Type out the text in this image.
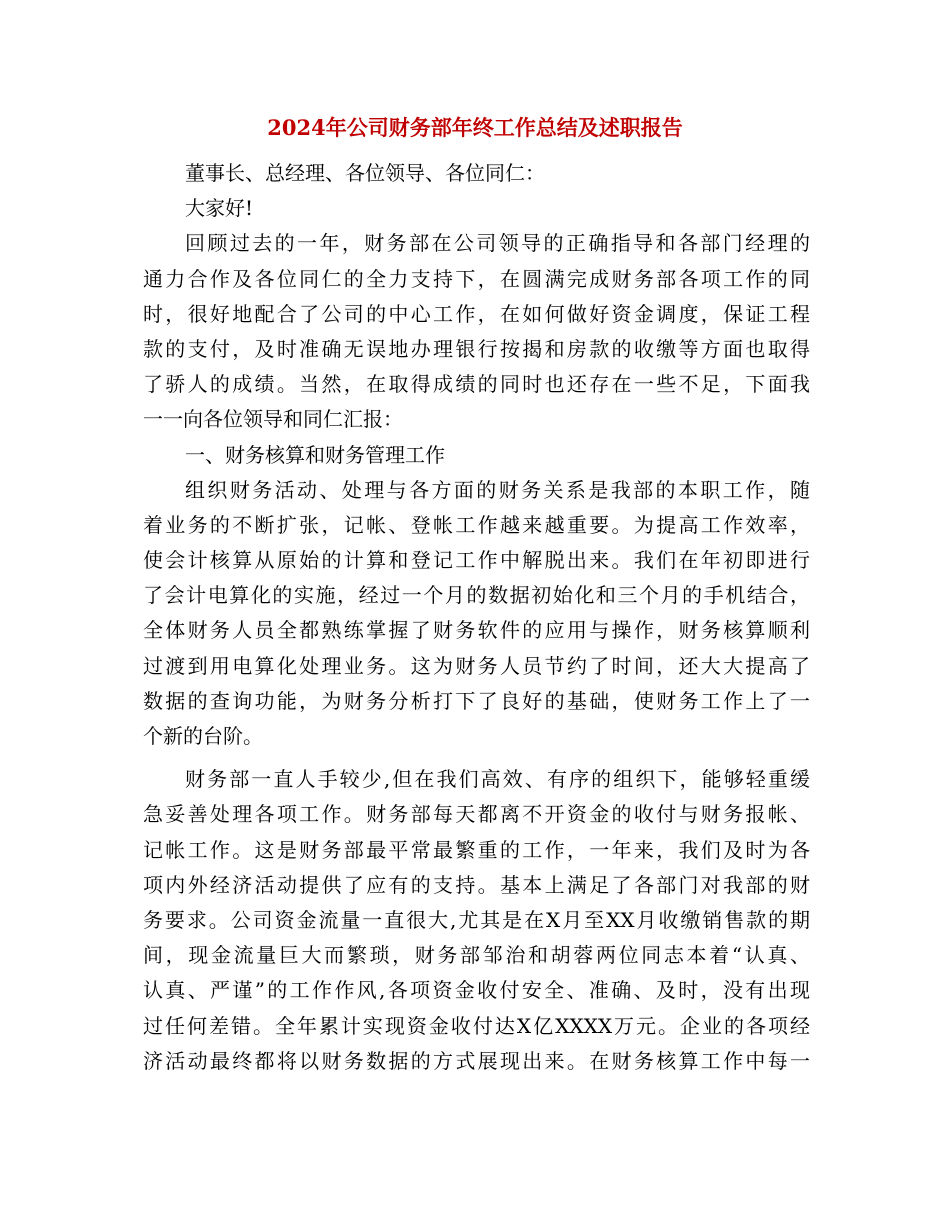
2024年公司财务部年终工作总结及述职报告

董事长、总经理、各位领导、各位同仁：

大家好!

回顾过去的一年，财务部在公司领导的正确指导和各部门经理的
通力合作及各位同仁的全力支持下，在圆满完成财务部各项工作的同
时，很好地配合了公司的中心工作，在如何做好资金调度，保证工程
款的支付，及时准确无误地办理银行按揭和房款的收缴等方面也取得
了骄人的成绩。当然，在取得成绩的同时也还存在一些不足，下面我
一一向各位领导和同仁汇报：

一、财务核算和财务管理工作

组织财务活动、处理与各方面的财务关系是我部的本职工作，随
着业务的不断扩张，记帐、登帐工作越来越重要。为提高工作效率，
使会计核算从原始的计算和登记工作中解脱出来。我们在年初即进行
了会计电算化的实施，经过一个月的数据初始化和三个月的手机结合，
全体财务人员全都熟练掌握了财务软件的应用与操作，财务核算顺利
过渡到用电算化处理业务。这为财务人员节约了时间，还大大提高了
数据的查询功能，为财务分析打下了良好的基础，使财务工作上了一
个新的台阶。

财务部一直人手较少,但在我们高效、有序的组织下，能够轻重缓
急妥善处理各项工作。财务部每天都离不开资金的收付与财务报帐、
记帐工作。这是财务部最平常最繁重的工作，一年来，我们及时为各
项内外经济活动提供了应有的支持。基本上满足了各部门对我部的财
务要求。公司资金流量一直很大,尤其是在X月至XX月收缴销售款的期
间，现金流量巨大而繁琐，财务部邹治和胡蓉两位同志本着“认真、
认真、严谨”的工作作风,各项资金收付安全、准确、及时，没有出现
过任何差错。全年累计实现资金收付达X亿XXXX万元。企业的各项经
济活动最终都将以财务数据的方式展现出来。在财务核算工作中每一
